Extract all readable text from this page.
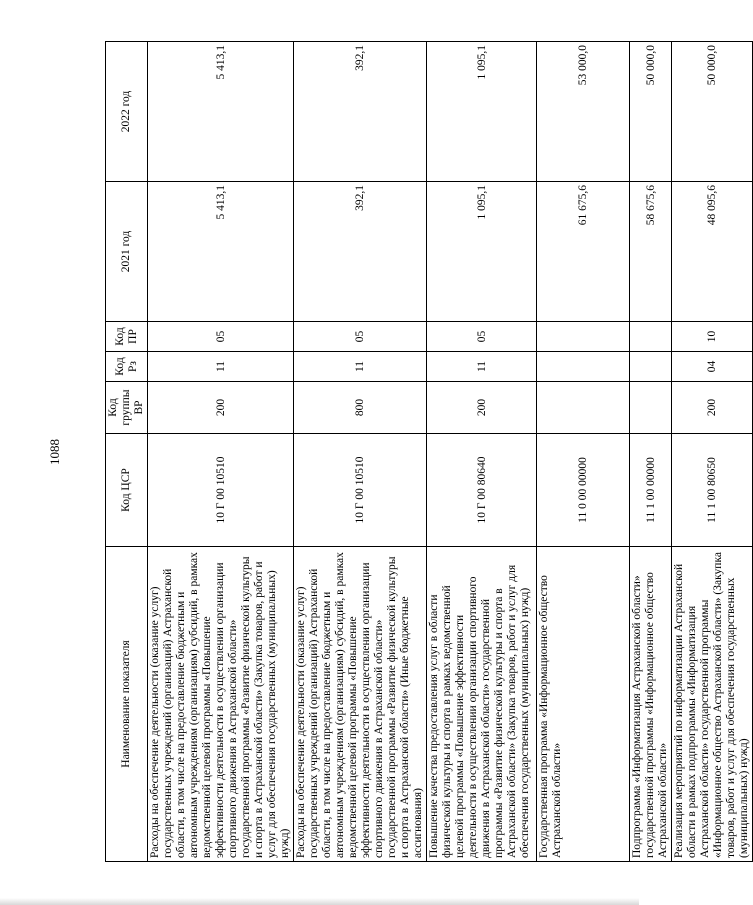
1088
Наименование показателя	Код ЦСР	Код группы ВР	Код Рз	Код ПР	2021 год	2022 год
Расходы на обеспечение деятельности (оказание услуг) государственных учреждений (организаций) Астраханской области, в том числе на предоставление бюджетным и автономным учреждениям (организациям) субсидий, в рамках ведомственной целевой программы «Повышение эффективности деятельности в осуществлении организации спортивного движения в Астраханской области» государственной программы «Развитие физической культуры и спорта в Астраханской области» (Закупка товаров, работ и услуг для обеспечения государственных (муниципальных) нужд)	10 Г 00 10510	200	11	05	5 413,1	5 413,1
Расходы на обеспечение деятельности (оказание услуг) государственных учреждений (организаций) Астраханской области, в том числе на предоставление бюджетным и автономным учреждениям (организациям) субсидий, в рамках ведомственной целевой программы «Повышение эффективности деятельности в осуществлении организации спортивного движения в Астраханской области» государственной программы «Развитие физической культуры и спорта в Астраханской области» (Иные бюджетные ассигнования)	10 Г 00 10510	800	11	05	392,1	392,1
Повышение качества предоставления услуг в области физической культуры и спорта в рамках ведомственной целевой программы «Повышение эффективности деятельности в осуществлении организации спортивного движения в Астраханской области» государственной программы «Развитие физической культуры и спорта в Астраханской области» (Закупка товаров, работ и услуг для обеспечения государственных (муниципальных) нужд)	10 Г 00 80640	200	11	05	1 095,1	1 095,1
Государственная программа «Информационное общество Астраханской области»	11 0 00 00000				61 675,6	53 000,0
Подпрограмма «Информатизация Астраханской области» государственной программы «Информационное общество Астраханской области»	11 1 00 00000				58 675,6	50 000,0
Реализация мероприятий по информатизации Астраханской области в рамках подпрограммы «Информатизация Астраханской области» государственной программы «Информационное общество Астраханской области» (Закупка товаров, работ и услуг для обеспечения государственных (муниципальных) нужд)	11 1 00 80650	200	04	10	48 095,6	50 000,0
